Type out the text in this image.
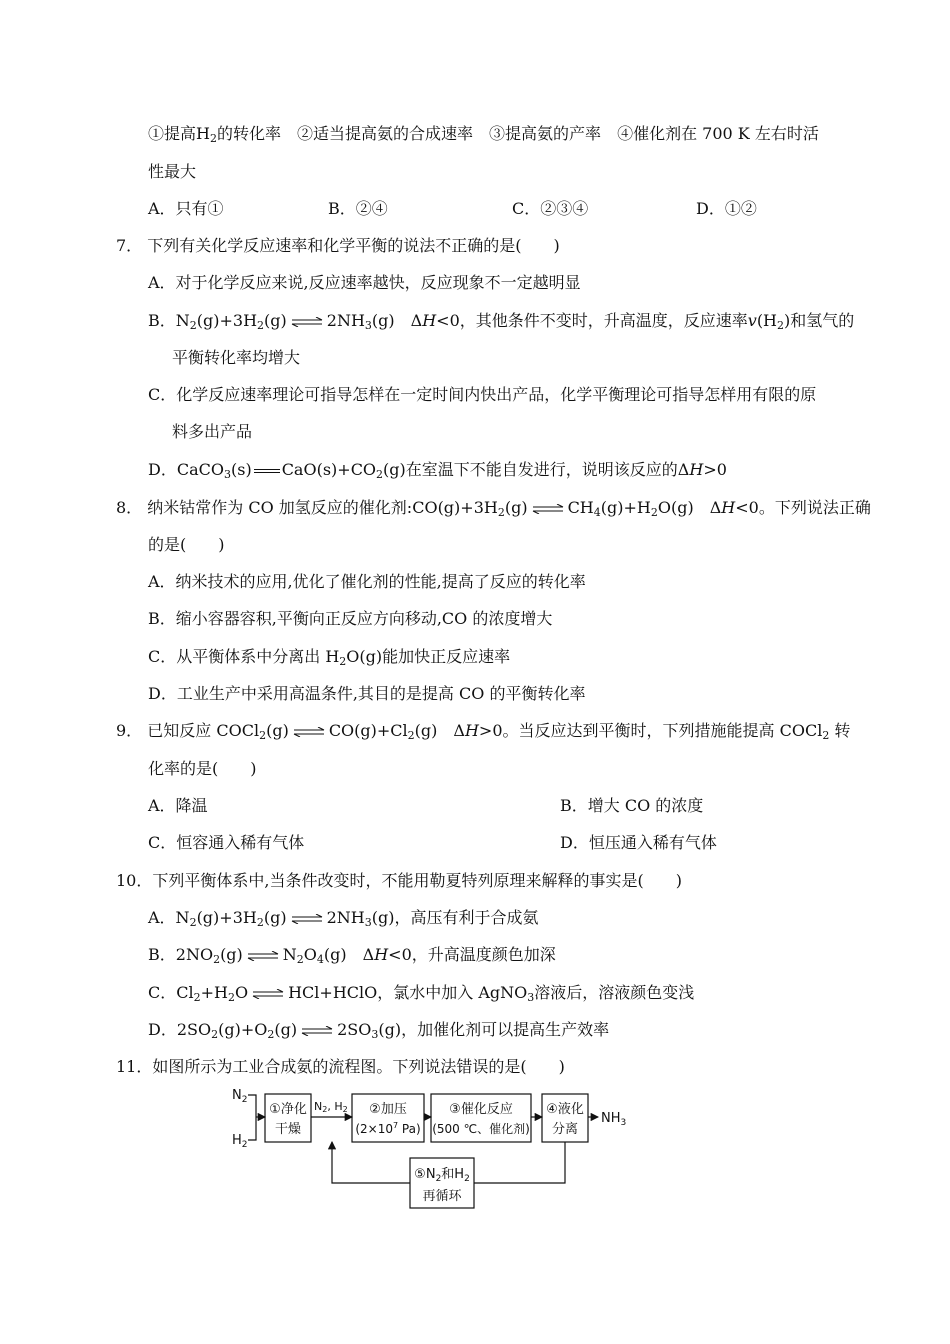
①提高$H_2$的转化率　 ②适当提高氨的合成速率　 ③提高氨的产率　 ④催化剂在 700 K 左右时活
性最大
A．只有①	B．②④	C．②③④	D．①②
7． 下列有关化学反应速率和化学平衡的说法不正确的是(　　)
A．对于化学反应来说,反应速率越快，反应现象不一定越明显
B．$N_2(g)+3H_2(g)$	$2NH_3(g)$　ΔH<0，其他条件不变时，升高温度，反应速率$v(H_2)$和氢气的
平衡转化率均增大
C．化学反应速率理论可指导怎样在一定时间内快出产品，化学平衡理论可指导怎样用有限的原
料多出产品
D．CaCO$_3$(s) $CaO(s)+CO_2(g)$在室温下不能自发进行，说明该反应的ΔH>0
8． 纳米钴常作为 CO 加氢反应的催化剂$:CO(g)+3H_2(g)$	$CH_4(g)+H_2O(g)$　ΔH<0。下列说法正确
的是(　　)
A．纳米技术的应用,优化了催化剂的性能,提高了反应的转化率
B．缩小容器容积,平衡向正反应方向移动,CO 的浓度增大
C．从平衡体系中分离出 $H_2O(g)$能加快正反应速率
D．工业生产中采用高温条件,其目的是提高 CO 的平衡转化率
9． 已知反应 COCl$_2$(g)	$CO(g)+Cl_2(g)$　ΔH>0。当反应达到平衡时，下列措施能提高 COCl$_2$ 转
化率的是(　　)
A．降温	B．增大 CO 的浓度
C．恒容通入稀有气体	D．恒压通入稀有气体
10．下列平衡体系中,当条件改变时，不能用勒夏特列原理来解释的事实是(　　)
A．$N_2(g)+3H_2(g)$	$2NH_3(g)$，高压有利于合成氨
B．$2NO_2(g)$	$N_2O_4(g)$　ΔH<0，升高温度颜色加深
C．$Cl_2+H_2O$	HCl+HClO，氯水中加入 AgNO$_3$溶液后，溶液颜色变浅
D．$2SO_2(g)+O_2(g)$	$2SO_3(g)$，加催化剂可以提高生产效率
11．如图所示为工业合成氨的流程图。下列说法错误的是(　　)
$N_2$
$H_2$
①净化
干燥
N2, H2 ②加压
($2\times 10^7$ Pa)
③催化反应
(500 ℃、催化剂)
④液化
分离
$NH_3$
$⑤N_2$和$H_2$
再循环
